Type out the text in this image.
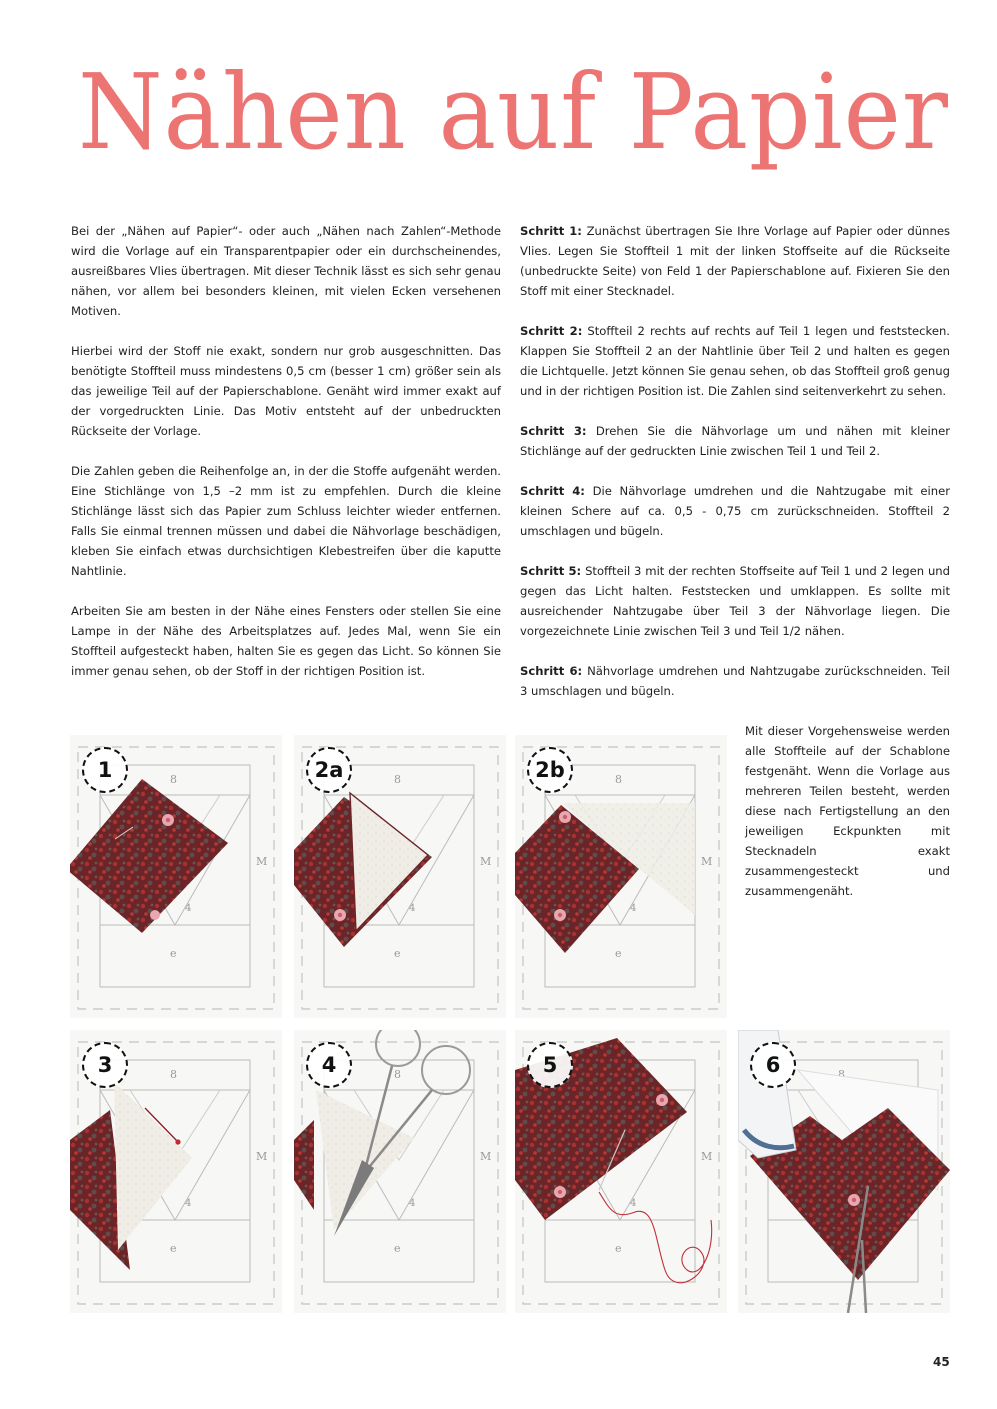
Nähen auf Papier

Bei der „Nähen auf Papier“- oder auch „Nähen nach Zahlen“-Methode wird die Vorlage auf ein Transparentpapier oder ein durchscheinendes, ausreißbares Vlies übertragen. Mit dieser Technik lässt es sich sehr genau nähen, vor allem bei besonders kleinen, mit vielen Ecken versehenen Motiven.

Hierbei wird der Stoff nie exakt, sondern nur grob ausgeschnitten. Das benötigte Stoffteil muss mindestens 0,5 cm (besser 1 cm) größer sein als das jeweilige Teil auf der Papierschablone. Genäht wird immer exakt auf der vorgedruckten Linie. Das Motiv entsteht auf der unbedruckten Rückseite der Vorlage.

Die Zahlen geben die Reihenfolge an, in der die Stoffe aufgenäht werden. Eine Stichlänge von 1,5 –2 mm ist zu empfehlen. Durch die kleine Stichlänge lässt sich das Papier zum Schluss leichter wieder entfernen. Falls Sie einmal trennen müssen und dabei die Nähvorlage beschädigen, kleben Sie einfach etwas durchsichtigen Klebestreifen über die kaputte Nahtlinie.

Arbeiten Sie am besten in der Nähe eines Fensters oder stellen Sie eine Lampe in der Nähe des Arbeitsplatzes auf. Jedes Mal, wenn Sie ein Stoffteil aufgesteckt haben, halten Sie es gegen das Licht. So können Sie immer genau sehen, ob der Stoff in der richtigen Position ist.

Schritt 1: Zunächst übertragen Sie Ihre Vorlage auf Papier oder dünnes Vlies. Legen Sie Stoffteil 1 mit der linken Stoffseite auf die Rückseite (unbedruckte Seite) von Feld 1 der Papierschablone auf. Fixieren Sie den Stoff mit einer Stecknadel.

Schritt 2: Stoffteil 2 rechts auf rechts auf Teil 1 legen und feststecken. Klappen Sie Stoffteil 2 an der Nahtlinie über Teil 2 und halten es gegen die Lichtquelle. Jetzt können Sie genau sehen, ob das Stoffteil groß genug und in der richtigen Position ist. Die Zahlen sind seitenverkehrt zu sehen.

Schritt 3: Drehen Sie die Nähvorlage um und nähen mit kleiner Stichlänge auf der gedruckten Linie zwischen Teil 1 und Teil 2.

Schritt 4: Die Nähvorlage umdrehen und die Nahtzugabe mit einer kleinen Schere auf ca. 0,5 - 0,75 cm zurückschneiden. Stoffteil 2 umschlagen und bügeln.

Schritt 5: Stoffteil 3 mit der rechten Stoffseite auf Teil 1 und 2 legen und gegen das Licht halten. Feststecken und umklappen. Es sollte mit ausreichender Nahtzugabe über Teil 3 der Nähvorlage liegen. Die vorgezeichnete Linie zwischen Teil 3 und Teil 1/2 nähen.

Schritt 6: Nähvorlage umdrehen und Nahtzugabe zurückschneiden. Teil 3 umschlagen und bügeln.

Mit dieser Vorgehensweise werden alle Stoffteile auf der Schablone festgenäht. Wenn die Vorlage aus mehreren Teilen besteht, werden diese nach Fertigstellung an den jeweiligen Eckpunkten mit Stecknadeln exakt zusammengesteckt und zusammengenäht.

1	2a	2b
3	4	5	6
45
